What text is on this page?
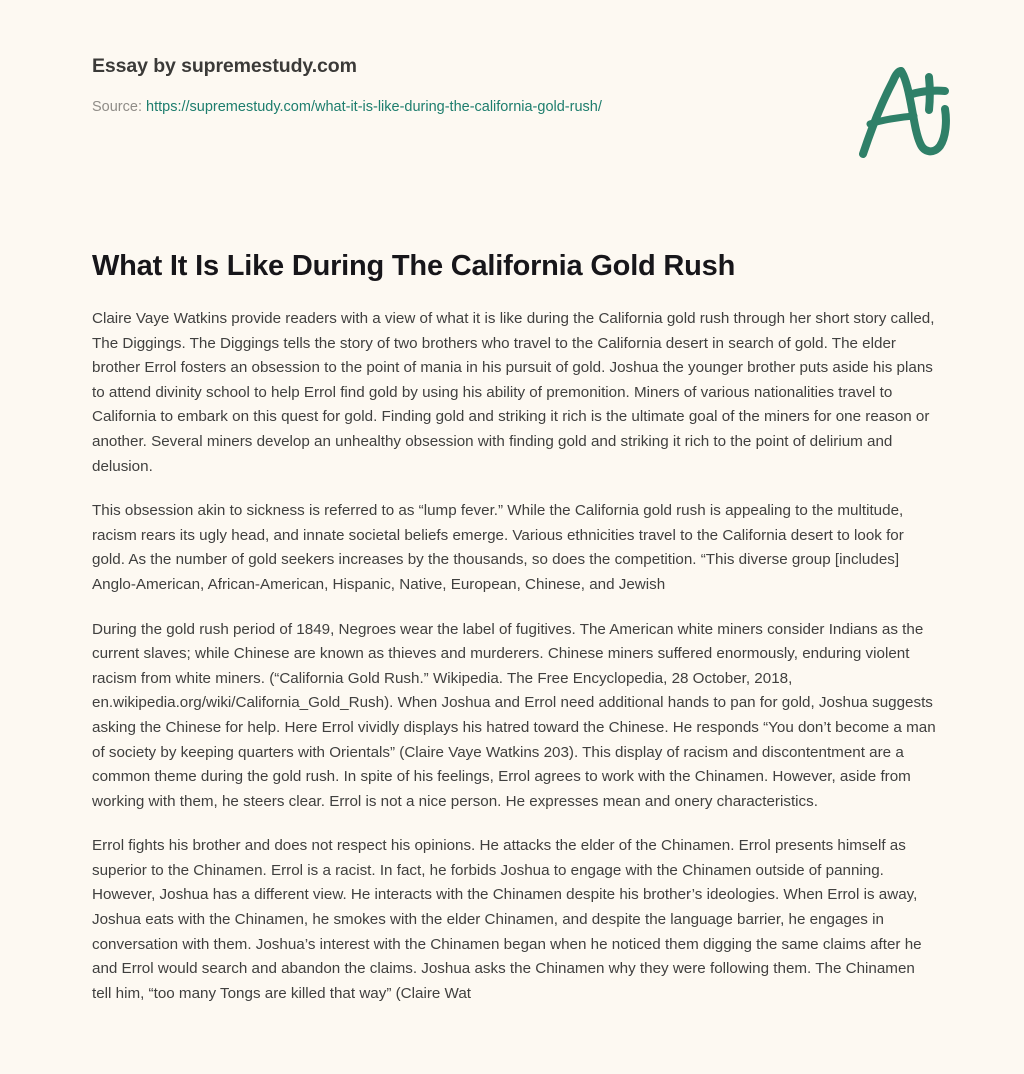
Essay by supremestudy.com
Source: https://supremestudy.com/what-it-is-like-during-the-california-gold-rush/
What It Is Like During The California Gold Rush

Claire Vaye Watkins provide readers with a view of what it is like during the California gold rush through her short story called, The Diggings. The Diggings tells the story of two brothers who travel to the California desert in search of gold. The elder brother Errol fosters an obsession to the point of mania in his pursuit of gold. Joshua the younger brother puts aside his plans to attend divinity school to help Errol find gold by using his ability of premonition. Miners of various nationalities travel to California to embark on this quest for gold. Finding gold and striking it rich is the ultimate goal of the miners for one reason or another. Several miners develop an unhealthy obsession with finding gold and striking it rich to the point of delirium and delusion.

This obsession akin to sickness is referred to as “lump fever.” While the California gold rush is appealing to the multitude, racism rears its ugly head, and innate societal beliefs emerge. Various ethnicities travel to the California desert to look for gold. As the number of gold seekers increases by the thousands, so does the competition. “This diverse group [includes] Anglo-American, African-American, Hispanic, Native, European, Chinese, and Jewish

During the gold rush period of 1849, Negroes wear the label of fugitives. The American white miners consider Indians as the current slaves; while Chinese are known as thieves and murderers. Chinese miners suffered enormously, enduring violent racism from white miners. (“California Gold Rush.” Wikipedia. The Free Encyclopedia, 28 October, 2018, en.wikipedia.org/wiki/California_Gold_Rush). When Joshua and Errol need additional hands to pan for gold, Joshua suggests asking the Chinese for help. Here Errol vividly displays his hatred toward the Chinese. He responds “You don’t become a man of society by keeping quarters with Orientals” (Claire Vaye Watkins 203). This display of racism and discontentment are a common theme during the gold rush. In spite of his feelings, Errol agrees to work with the Chinamen. However, aside from working with them, he steers clear. Errol is not a nice person. He expresses mean and onery characteristics.

Errol fights his brother and does not respect his opinions. He attacks the elder of the Chinamen. Errol presents himself as superior to the Chinamen. Errol is a racist. In fact, he forbids Joshua to engage with the Chinamen outside of panning. However, Joshua has a different view. He interacts with the Chinamen despite his brother’s ideologies. When Errol is away, Joshua eats with the Chinamen, he smokes with the elder Chinamen, and despite the language barrier, he engages in conversation with them. Joshua’s interest with the Chinamen began when he noticed them digging the same claims after he and Errol would search and abandon the claims. Joshua asks the Chinamen why they were following them. The Chinamen tell him, “too many Tongs are killed that way” (Claire Wat
